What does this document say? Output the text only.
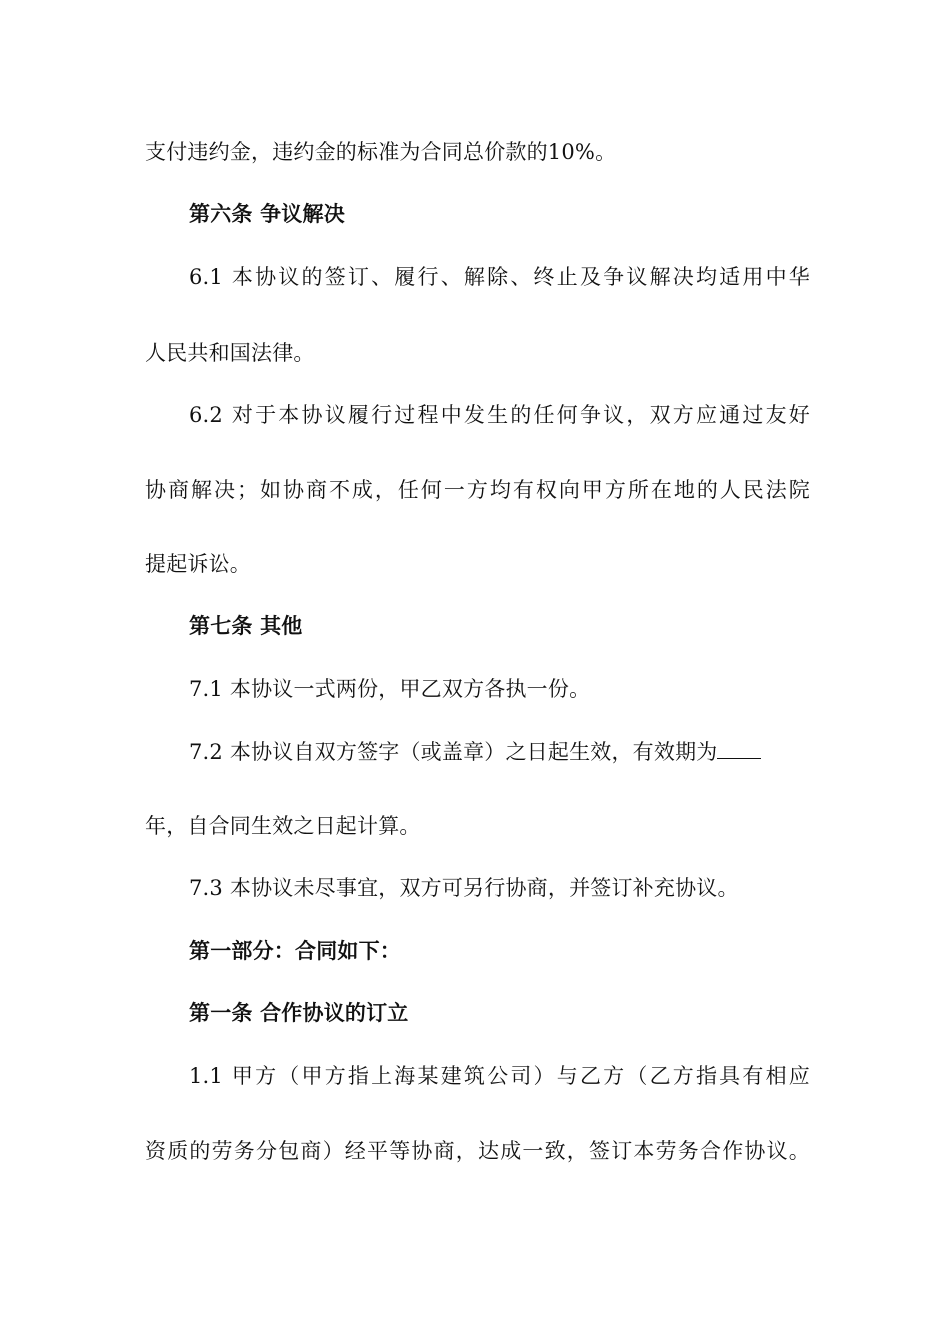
支付违约金，违约金的标准为合同总价款的10%。
第六条 争议解决
6.1 本协议的签订、履行、解除、终止及争议解决均适用中华
人民共和国法律。
6.2 对于本协议履行过程中发生的任何争议，双方应通过友好
协商解决；如协商不成，任何一方均有权向甲方所在地的人民法院
提起诉讼。
第七条 其他
7.1 本协议一式两份，甲乙双方各执一份。
7.2 本协议自双方签字（或盖章）之日起生效，有效期为
年，自合同生效之日起计算。
7.3 本协议未尽事宜，双方可另行协商，并签订补充协议。
第一部分：合同如下：
第一条 合作协议的订立
1.1 甲方（甲方指上海某建筑公司）与乙方（乙方指具有相应
资质的劳务分包商）经平等协商，达成一致，签订本劳务合作协议。
